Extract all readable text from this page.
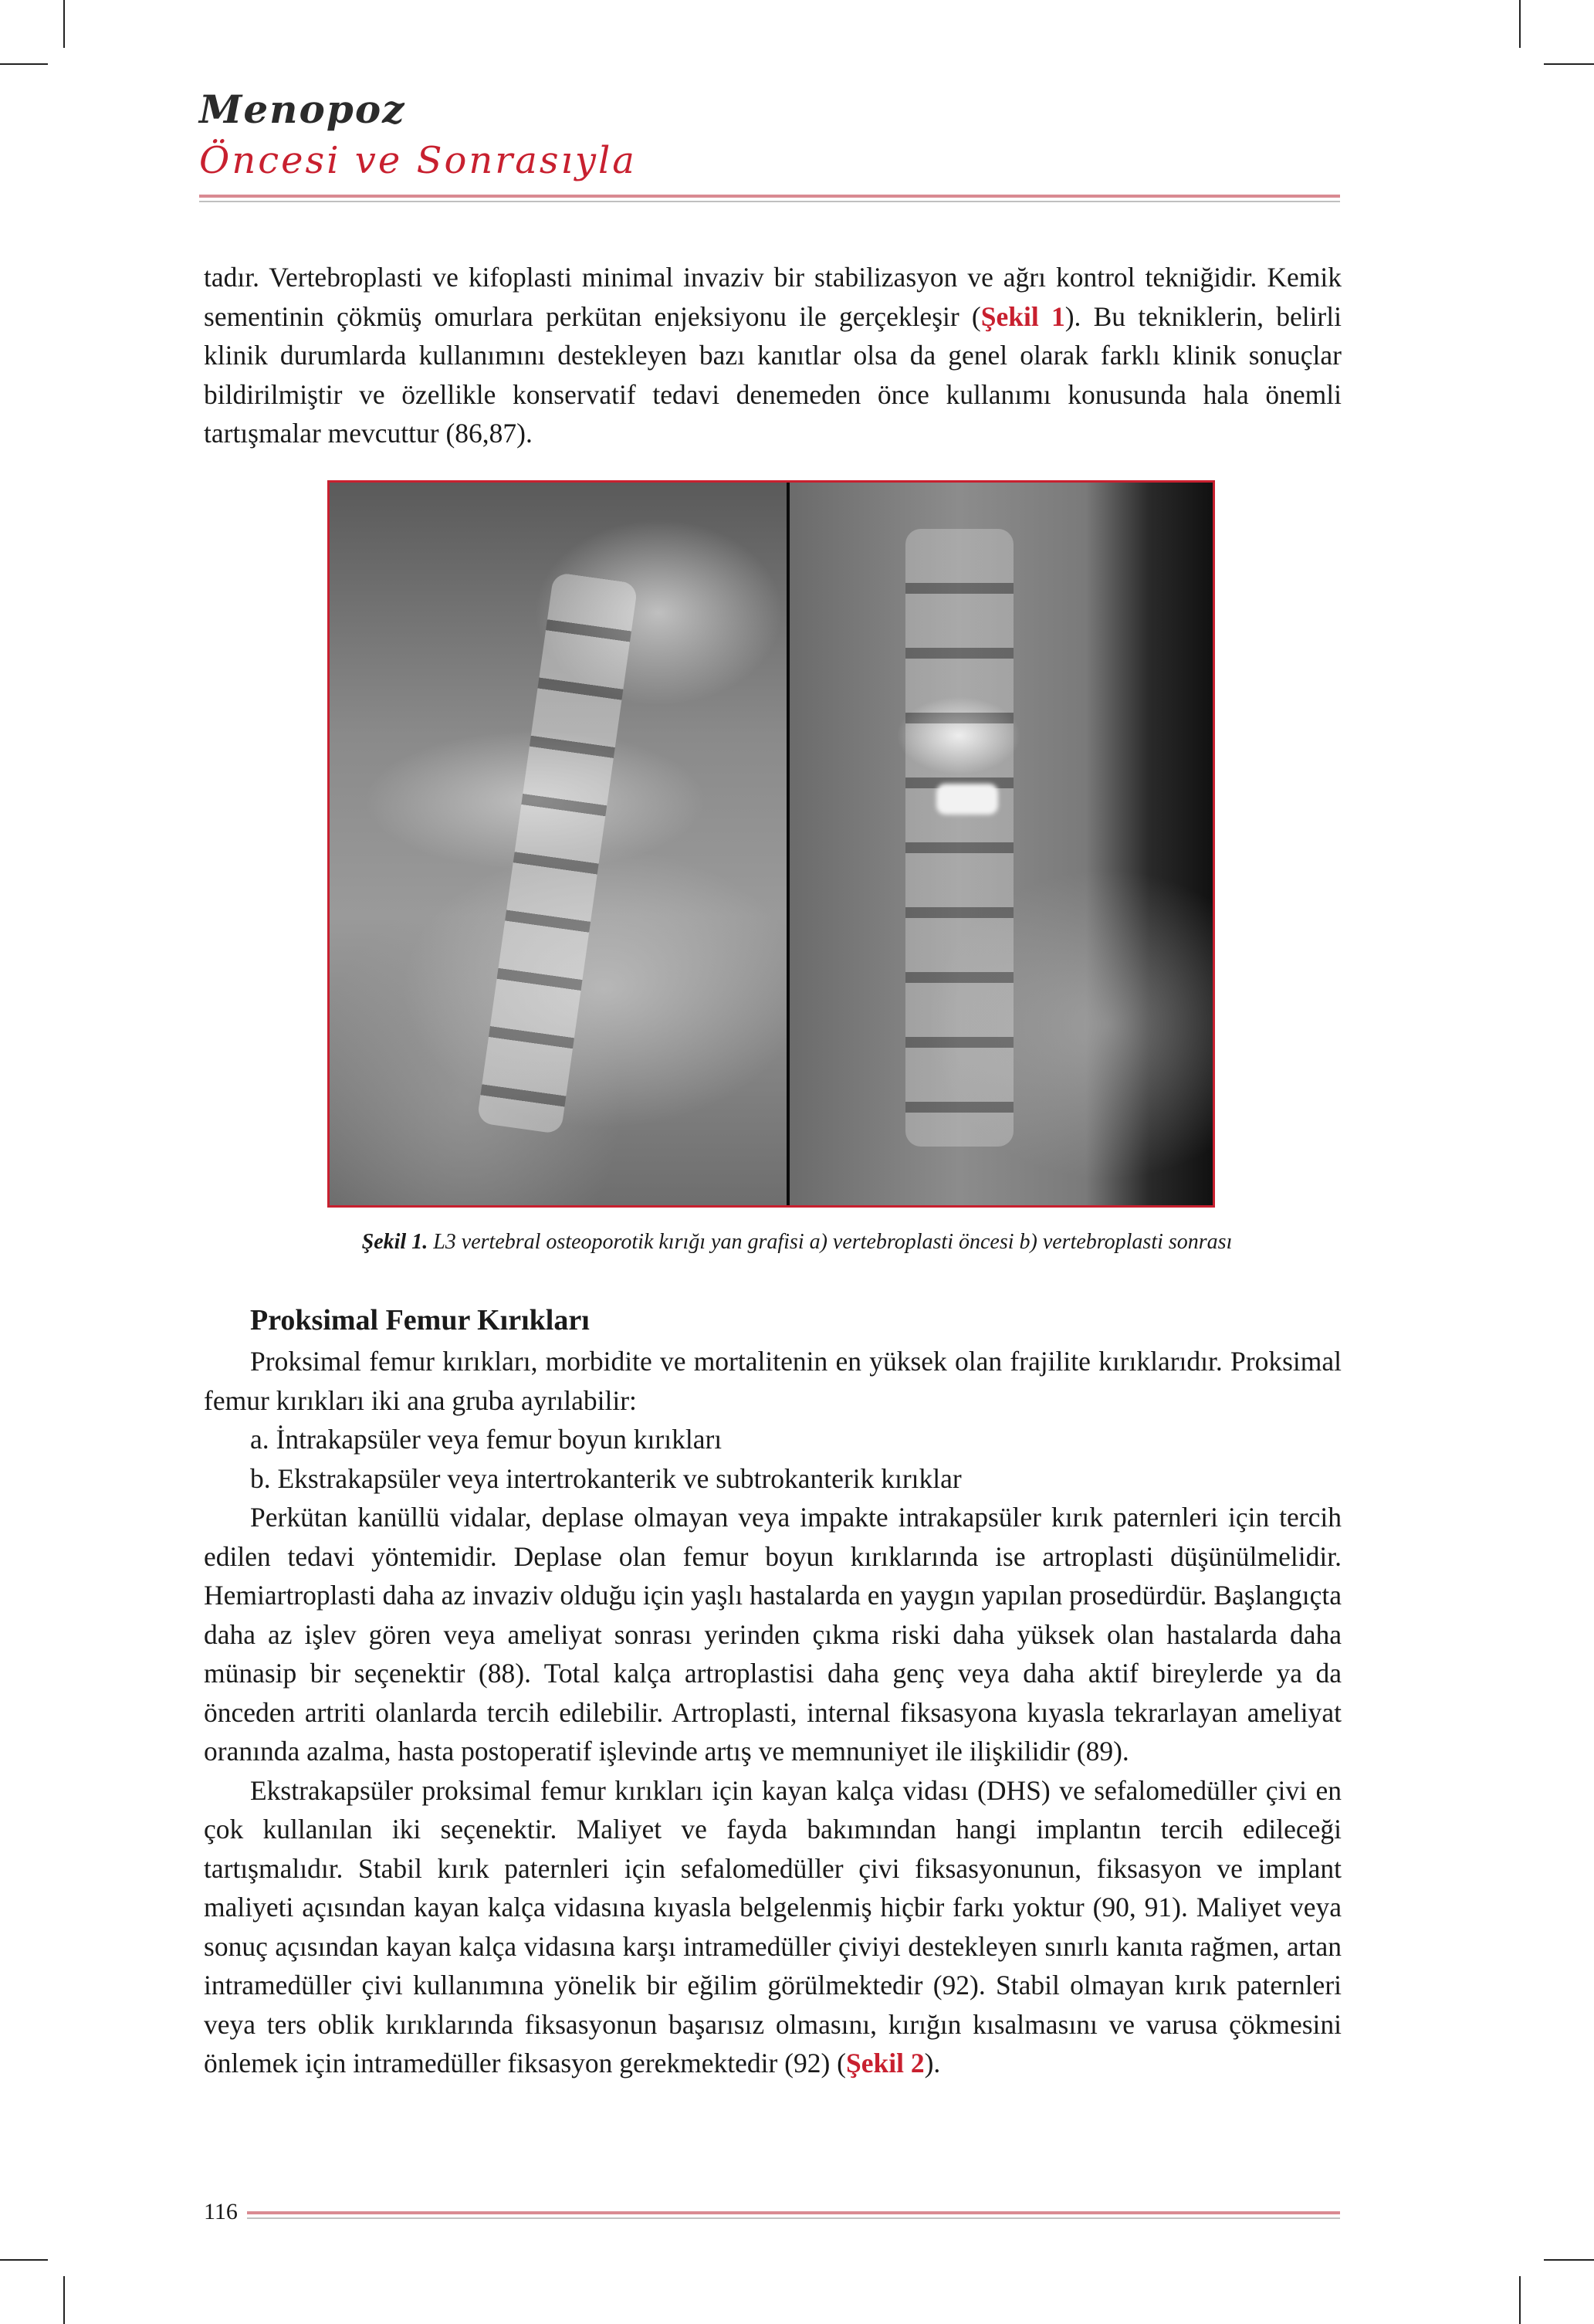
Menopoz
Öncesi ve Sonrasıyla

tadır. Vertebroplasti ve kifoplasti minimal invaziv bir stabilizasyon ve ağrı kontrol tekniğidir. Kemik sementinin çökmüş omurlara perkütan enjeksiyonu ile gerçekleşir (Şekil 1). Bu tekniklerin, belirli klinik durumlarda kullanımını destekleyen bazı kanıtlar olsa da genel olarak farklı klinik sonuçlar bildirilmiştir ve özellikle konservatif tedavi denemeden önce kullanımı konusunda hala önemli tartışmalar mevcuttur (86,87).

Şekil 1. L3 vertebral osteoporotik kırığı yan grafisi a) vertebroplasti öncesi b) vertebroplasti sonrası
Proksimal Femur Kırıkları

Proksimal femur kırıkları, morbidite ve mortalitenin en yüksek olan frajilite kırıklarıdır. Proksimal femur kırıkları iki ana gruba ayrılabilir:

a. İntrakapsüler veya femur boyun kırıkları

b. Ekstrakapsüler veya intertrokanterik ve subtrokanterik kırıklar

Perkütan kanüllü vidalar, deplase olmayan veya impakte intrakapsüler kırık paternleri için tercih edilen tedavi yöntemidir. Deplase olan femur boyun kırıklarında ise artroplasti düşünülmelidir. Hemiartroplasti daha az invaziv olduğu için yaşlı hastalarda en yaygın yapılan prosedürdür. Başlangıçta daha az işlev gören veya ameliyat sonrası yerinden çıkma riski daha yüksek olan hastalarda daha münasip bir seçenektir (88). Total kalça artroplastisi daha genç veya daha aktif bireylerde ya da önceden artriti olanlarda tercih edilebilir. Artroplasti, internal fiksasyona kıyasla tekrarlayan ameliyat oranında azalma, hasta postoperatif işlevinde artış ve memnuniyet ile ilişkilidir (89).

Ekstrakapsüler proksimal femur kırıkları için kayan kalça vidası (DHS) ve sefalomedüller çivi en çok kullanılan iki seçenektir. Maliyet ve fayda bakımından hangi implantın tercih edileceği tartışmalıdır. Stabil kırık paternleri için sefalomedüller çivi fiksasyonunun, fiksasyon ve implant maliyeti açısından kayan kalça vidasına kıyasla belgelenmiş hiçbir farkı yoktur (90, 91). Maliyet veya sonuç açısından kayan kalça vidasına karşı intramedüller çiviyi destekleyen sınırlı kanıta rağmen, artan intramedüller çivi kullanımına yönelik bir eğilim görülmektedir (92). Stabil olmayan kırık paternleri veya ters oblik kırıklarında fiksasyonun başarısız olmasını, kırığın kısalmasını ve varusa çökmesini önlemek için intramedüller fiksasyon gerekmektedir (92) (Şekil 2).

116
